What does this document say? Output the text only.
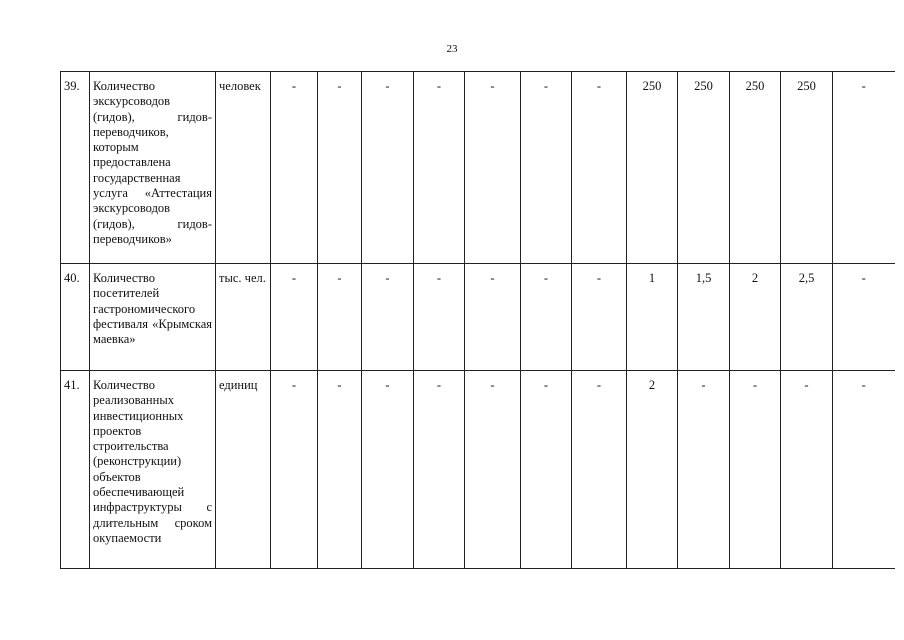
23
39.	Количество экскурсоводов (гидов), гидов-переводчиков, которым предоставлена государственная услуга «Аттестация экскурсоводов (гидов), гидов-переводчиков»	человек	-	-	-	-	-	-	-	250	250	250	250	-
40.	Количество посетителей гастрономического фестиваля «Крымская маевка»	тыс. чел.	-	-	-	-	-	-	-	1	1,5	2	2,5	-
41.	Количество реализованных инвестиционных проектов строительства (реконструкции) объектов обеспечивающей инфраструктуры с длительным сроком окупаемости	единиц	-	-	-	-	-	-	-	2	-	-	-	-
